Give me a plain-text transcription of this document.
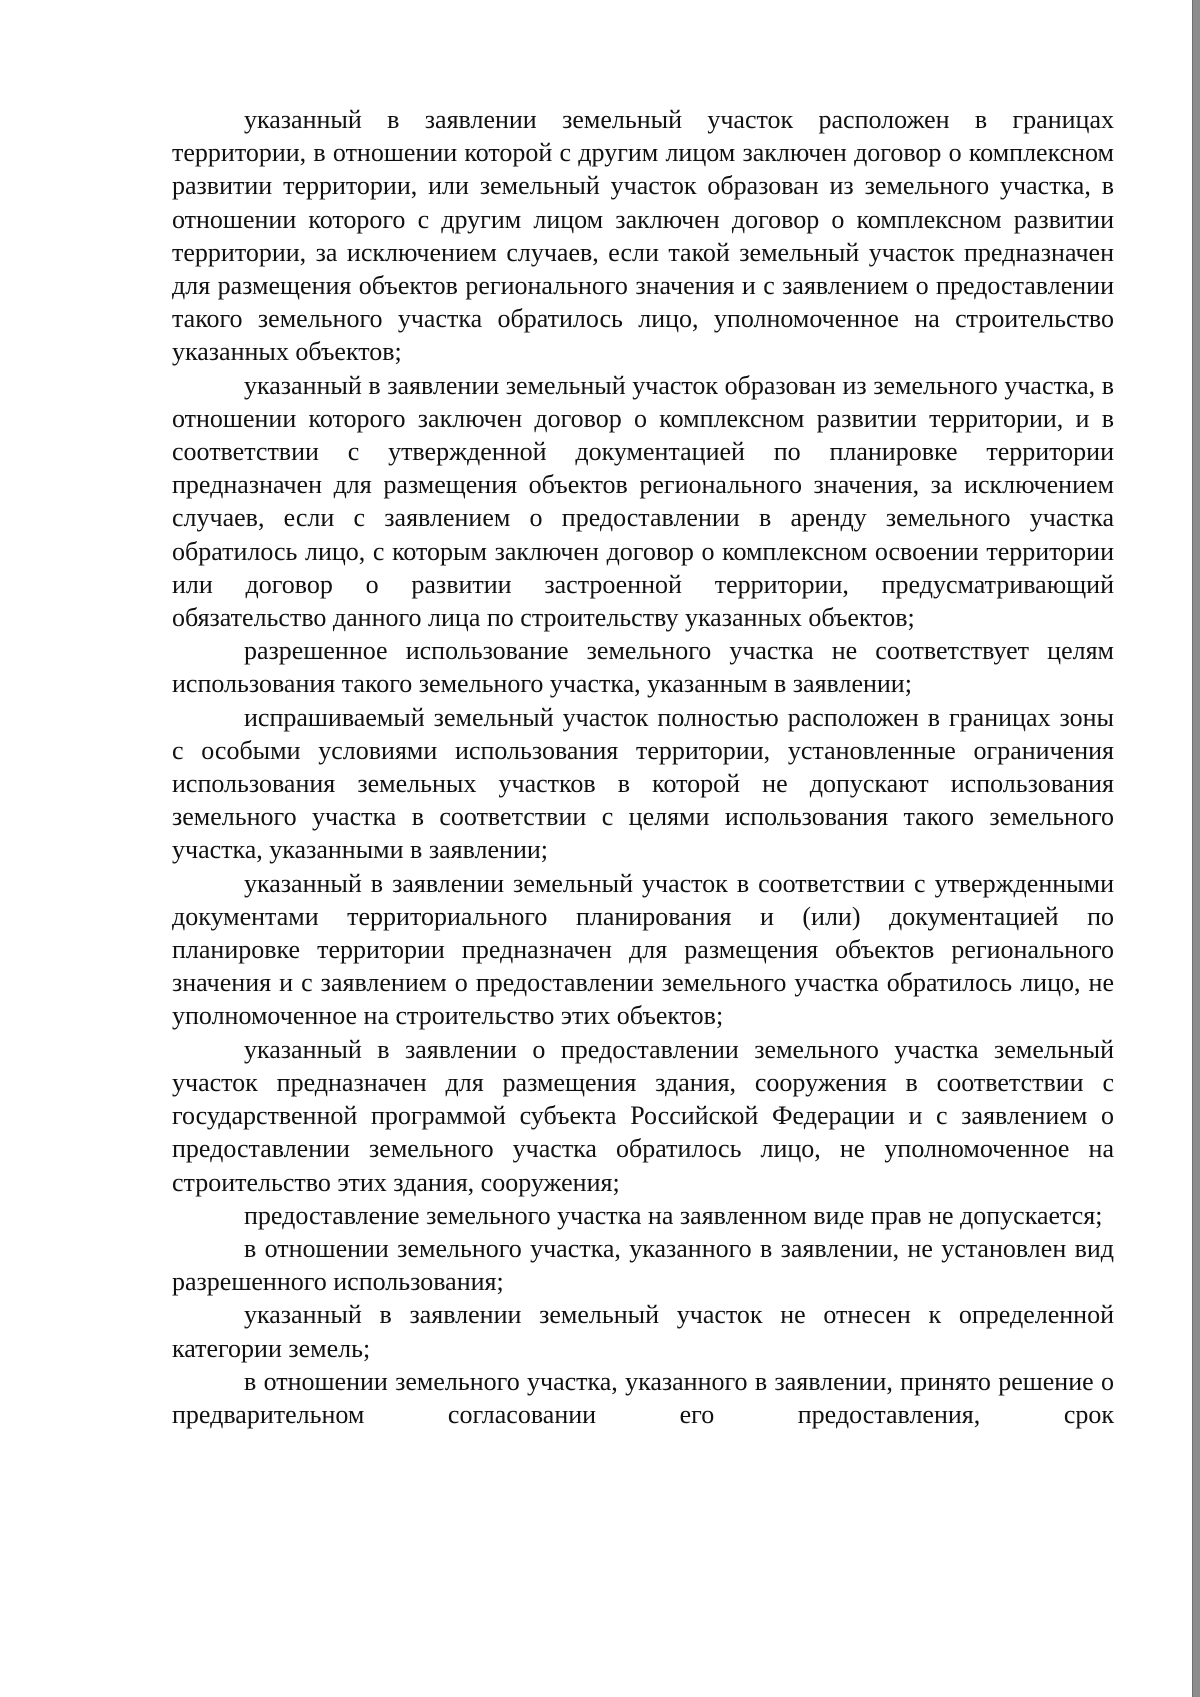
указанный в заявлении земельный участок расположен в границах территории, в отношении которой с другим лицом заключен договор о комплексном развитии территории, или земельный участок образован из земельного участка, в отношении которого с другим лицом заключен договор о комплексном развитии территории, за исключением случаев, если такой земельный участок предназначен для размещения объектов регионального значения и с заявлением о предоставлении такого земельного участка обратилось лицо, уполномоченное на строительство указанных объектов;

указанный в заявлении земельный участок образован из земельного участка, в отношении которого заключен договор о комплексном развитии территории, и в соответствии с утвержденной документацией по планировке территории предназначен для размещения объектов регионального значения, за исключением случаев, если с заявлением о предоставлении в аренду земельного участка обратилось лицо, с которым заключен договор о комплексном освоении территории или договор о развитии застроенной территории, предусматривающий обязательство данного лица по строительству указанных объектов;

разрешенное использование земельного участка не соответствует целям использования такого земельного участка, указанным в заявлении;

испрашиваемый земельный участок полностью расположен в границах зоны с особыми условиями использования территории, установленные ограничения использования земельных участков в которой не допускают использования земельного участка в соответствии с целями использования такого земельного участка, указанными в заявлении;

указанный в заявлении земельный участок в соответствии с утвержденными документами территориального планирования и (или) документацией по планировке территории предназначен для размещения объектов регионального значения и с заявлением о предоставлении земельного участка обратилось лицо, не уполномоченное на строительство этих объектов;

указанный в заявлении о предоставлении земельного участка земельный участок предназначен для размещения здания, сооружения в соответствии с государственной программой субъекта Российской Федерации и с заявлением о предоставлении земельного участка обратилось лицо, не уполномоченное на строительство этих здания, сооружения;

предоставление земельного участка на заявленном виде прав не допускается;

в отношении земельного участка, указанного в заявлении, не установлен вид разрешенного использования;

указанный в заявлении земельный участок не отнесен к определенной категории земель;

в отношении земельного участка, указанного в заявлении, принято решение о предварительном согласовании его предоставления, срок
